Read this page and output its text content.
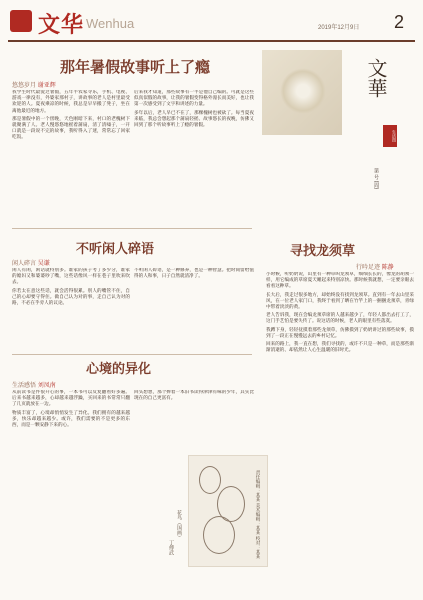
文华 Wenhua	2019年12月9日 2
那年暑假故事听上了瘾
悠悠岁月 谢亚辉

我学生时代最爱过暑假，五年半农家寻乐，手机、电视、游戏一律没有，外婆家那村子，讲故事的老人是村里最受欢迎的人。夏夜乘凉的时候，我总是早早搬了凳子，坐在离他最近的地方。

那是暑假中的一个傍晚，天色刚暗下来，村口的老槐树下就聚满了人。老人慢悠悠地摇着蒲扇，清了清嗓子，一开口就是一段说不完的故事，我听得入了迷，常常忘了回家吃饭。

后来我才知道，那些故事有一半是他自己编的。可就是这些似真似假的故事，让我的暑假变得格外漫长而美好，也让我第一次感受到了文字和讲述的力量。

多年以后，老人早已不在了，那棵槐树也被砍了。每当夏夜来临，我总会想起那个蒲扇轻摇、故事悠长的夜晚，仿佛又回到了那个听故事听上了瘾的暑假。

文華
生活图
第 号 (周)
不听闲人碎语
闲人碎言 吴谦

闲人有闲，闲话就特别多。谁家的孩子考了多少分，谁家的媳妇又和婆婆吵了嘴，这些话像风一样在巷子里吹来吹去。

你若太在意这些话，就会活得很累。别人的嘴管不住，自己的心却要守得住。做自己认为对的事，走自己认为对的路，不必在乎旁人的议论。

不听闲人碎语，是一种修养，也是一种智慧。把时间留给值得的人和事，日子自然就清净了。

心境的异化
生活感悟 刘凤南

从前读书是件很开心的事，一本书可以反复翻看好多遍。后来书越来越多，心却越来越浮躁，买回来的书常常只翻了几页就放在一边。

物质丰富了，心境却悄悄发生了异化。我们拥有的越来越多，快乐却越来越少。或许，我们需要的不是更多的东西，而是一颗安静下来的心。

回头想想，那个捧着一本旧书读得津津有味的少年，其实比现在的自己更富有。

花鸟（国画）
丁傅武
寻找龙须草
行吟足迹 陈静

小时候，听奶奶说，山里有一种草叫龙须草，细细长长的，像龙的胡须一样，用它编成的草席夏天睡起来特别凉快。那时候我就想，一定要亲眼去看看这种草。

长大后，我走过很多地方，却始终没有找到龙须草。直到有一年去山里采风，在一位老人家门口，我终于看到了晒在竹竿上的一捆捆龙须草，青绿中带着淡淡的黄。

老人告诉我，现在会编龙须草席的人越来越少了，年轻人都出去打工了，这门手艺怕是要失传了。说这话的时候，老人的眼里有些落寞。

我蹲下身，轻轻抚摸着那些龙须草，仿佛摸到了奶奶讲过的那些故事，摸到了一段正在慢慢远去的乡村记忆。

回来的路上，我一直在想，我们寻找的，或许不只是一种草，而是那些渐渐消逝的、却依然让人心生温暖的旧时光。

责任编辑：某某 美术编辑：某某 校对：某某
